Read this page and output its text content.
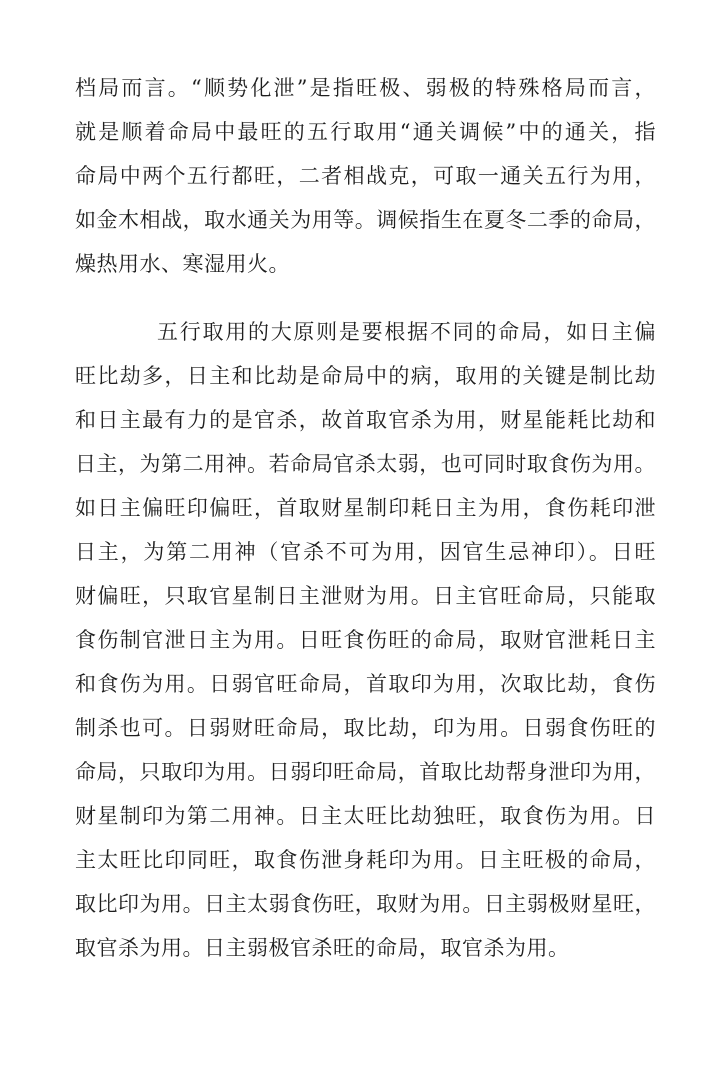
档局而言。“顺势化泄”是指旺极、弱极的特殊格局而言，
就是顺着命局中最旺的五行取用“通关调候”中的通关，指
命局中两个五行都旺，二者相战克，可取一通关五行为用，
如金木相战，取水通关为用等。调候指生在夏冬二季的命局，
燥热用水、寒湿用火。
五行取用的大原则是要根据不同的命局，如日主偏
旺比劫多，日主和比劫是命局中的病，取用的关键是制比劫
和日主最有力的是官杀，故首取官杀为用，财星能耗比劫和
日主，为第二用神。若命局官杀太弱，也可同时取食伤为用。
如日主偏旺印偏旺，首取财星制印耗日主为用，食伤耗印泄
日主，为第二用神（官杀不可为用，因官生忌神印）。日旺
财偏旺，只取官星制日主泄财为用。日主官旺命局，只能取
食伤制官泄日主为用。日旺食伤旺的命局，取财官泄耗日主
和食伤为用。日弱官旺命局，首取印为用，次取比劫，食伤
制杀也可。日弱财旺命局，取比劫，印为用。日弱食伤旺的
命局，只取印为用。日弱印旺命局，首取比劫帮身泄印为用，
财星制印为第二用神。日主太旺比劫独旺，取食伤为用。日
主太旺比印同旺，取食伤泄身耗印为用。日主旺极的命局，
取比印为用。日主太弱食伤旺，取财为用。日主弱极财星旺，
取官杀为用。日主弱极官杀旺的命局，取官杀为用。
